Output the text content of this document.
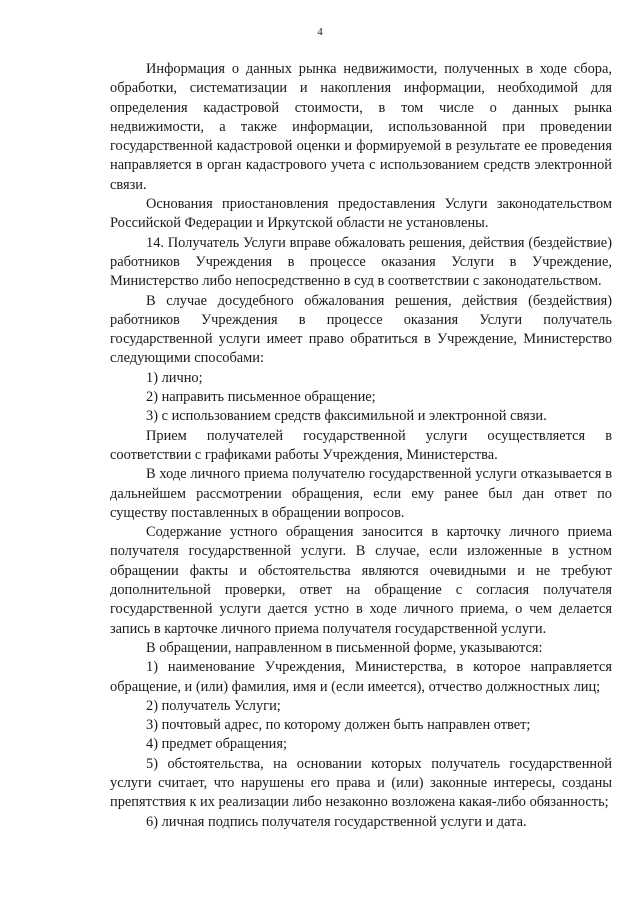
4

Информация о данных рынка недвижимости, полученных в ходе сбора, обработки, систематизации и накопления информации, необходимой для определения кадастровой стоимости, в том числе о данных рынка недвижимости, а также информации, использованной при проведении государственной кадастровой оценки и формируемой в результате ее проведения направляется в орган кадастрового учета с использованием средств электронной связи.

Основания приостановления предоставления Услуги законодательством Российской Федерации и Иркутской области не установлены.

14. Получатель Услуги вправе обжаловать решения, действия (бездействие) работников Учреждения в процессе оказания Услуги в Учреждение, Министерство либо непосредственно в суд в соответствии с законодательством.

В случае досудебного обжалования решения, действия (бездействия) работников Учреждения в процессе оказания Услуги получатель государственной услуги имеет право обратиться в Учреждение, Министерство следующими способами:

1) лично;

2) направить письменное обращение;

3) с использованием средств факсимильной и электронной связи.

Прием получателей государственной услуги осуществляется в соответствии с графиками работы Учреждения, Министерства.

В ходе личного приема получателю государственной услуги отказывается в дальнейшем рассмотрении обращения, если ему ранее был дан ответ по существу поставленных в обращении вопросов.

Содержание устного обращения заносится в карточку личного приема получателя государственной услуги. В случае, если изложенные в устном обращении факты и обстоятельства являются очевидными и не требуют дополнительной проверки, ответ на обращение с согласия получателя государственной услуги дается устно в ходе личного приема, о чем делается запись в карточке личного приема получателя государственной услуги.

В обращении, направленном в письменной форме, указываются:

1) наименование Учреждения, Министерства, в которое направляется обращение, и (или) фамилия, имя и (если имеется), отчество должностных лиц;

2) получатель Услуги;

3) почтовый адрес, по которому должен быть направлен ответ;

4) предмет обращения;

5) обстоятельства, на основании которых получатель государственной услуги считает, что нарушены его права и (или) законные интересы, созданы препятствия к их реализации либо незаконно возложена какая-либо обязанность;

6) личная подпись получателя государственной услуги и дата.
